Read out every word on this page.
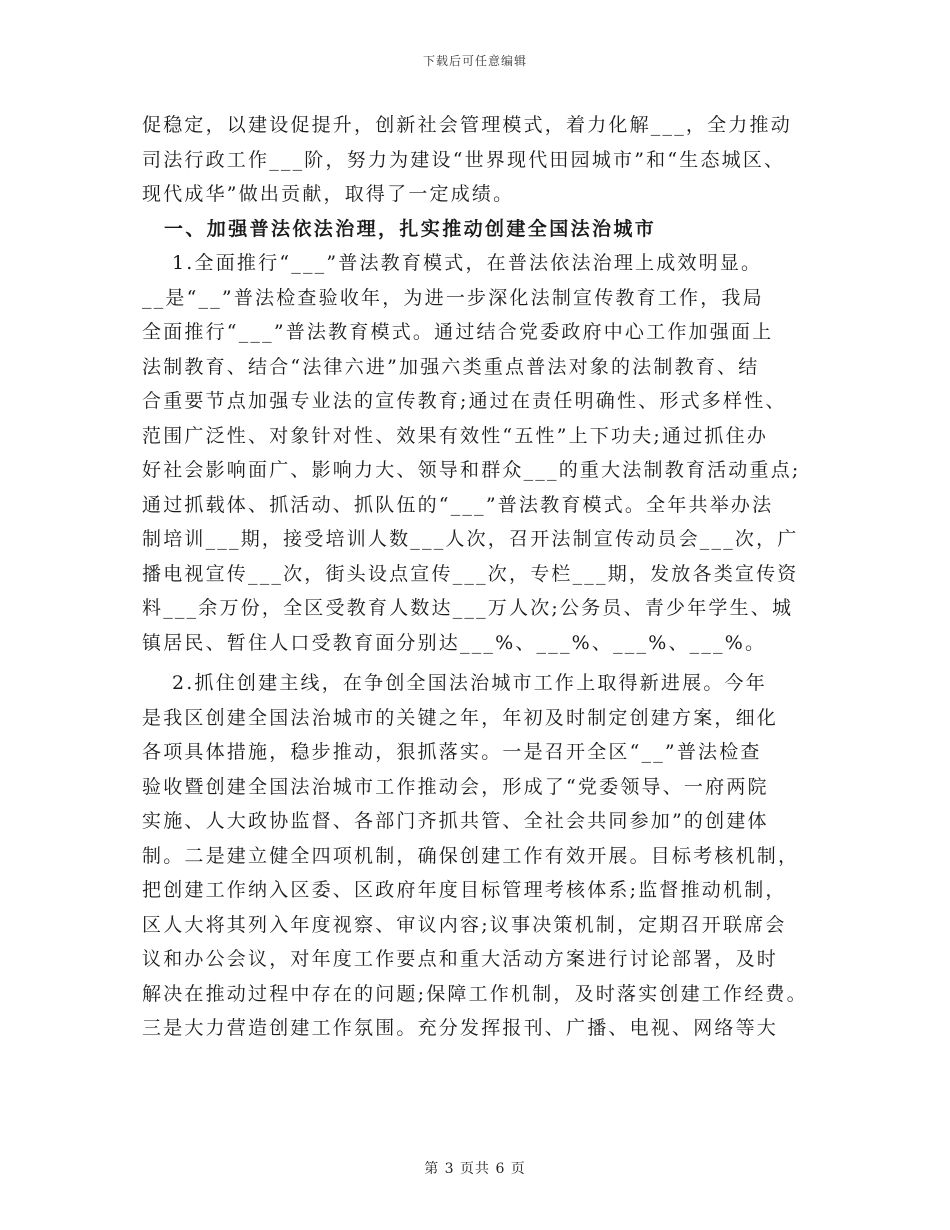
下载后可任意编辑
促稳定，以建设促提升，创新社会管理模式，着力化解___，全力推动
司法行政工作___阶，努力为建设“世界现代田园城市”和“生态城区、
现代成华”做出贡献，取得了一定成绩。
一、加强普法依法治理，扎实推动创建全国法治城市
1.全面推行“___”普法教育模式，在普法依法治理上成效明显。
__是“__”普法检查验收年，为进一步深化法制宣传教育工作，我局
全面推行“___”普法教育模式。通过结合党委政府中心工作加强面上
法制教育、结合“法律六进”加强六类重点普法对象的法制教育、结
合重要节点加强专业法的宣传教育;通过在责任明确性、形式多样性、
范围广泛性、对象针对性、效果有效性“五性”上下功夫;通过抓住办
好社会影响面广、影响力大、领导和群众___的重大法制教育活动重点;
通过抓载体、抓活动、抓队伍的“___”普法教育模式。全年共举办法
制培训___期，接受培训人数___人次，召开法制宣传动员会___次，广
播电视宣传___次，街头设点宣传___次，专栏___期，发放各类宣传资
料___余万份，全区受教育人数达___万人次;公务员、青少年学生、城
镇居民、暂住人口受教育面分别达___%、___%、___%、___%。
2.抓住创建主线，在争创全国法治城市工作上取得新进展。今年
是我区创建全国法治城市的关键之年，年初及时制定创建方案，细化
各项具体措施，稳步推动，狠抓落实。一是召开全区“__”普法检查
验收暨创建全国法治城市工作推动会，形成了“党委领导、一府两院
实施、人大政协监督、各部门齐抓共管、全社会共同参加”的创建体
制。二是建立健全四项机制，确保创建工作有效开展。目标考核机制，
把创建工作纳入区委、区政府年度目标管理考核体系;监督推动机制，
区人大将其列入年度视察、审议内容;议事决策机制，定期召开联席会
议和办公会议，对年度工作要点和重大活动方案进行讨论部署，及时
解决在推动过程中存在的问题;保障工作机制，及时落实创建工作经费。
三是大力营造创建工作氛围。充分发挥报刊、广播、电视、网络等大
第 3 页共 6 页
